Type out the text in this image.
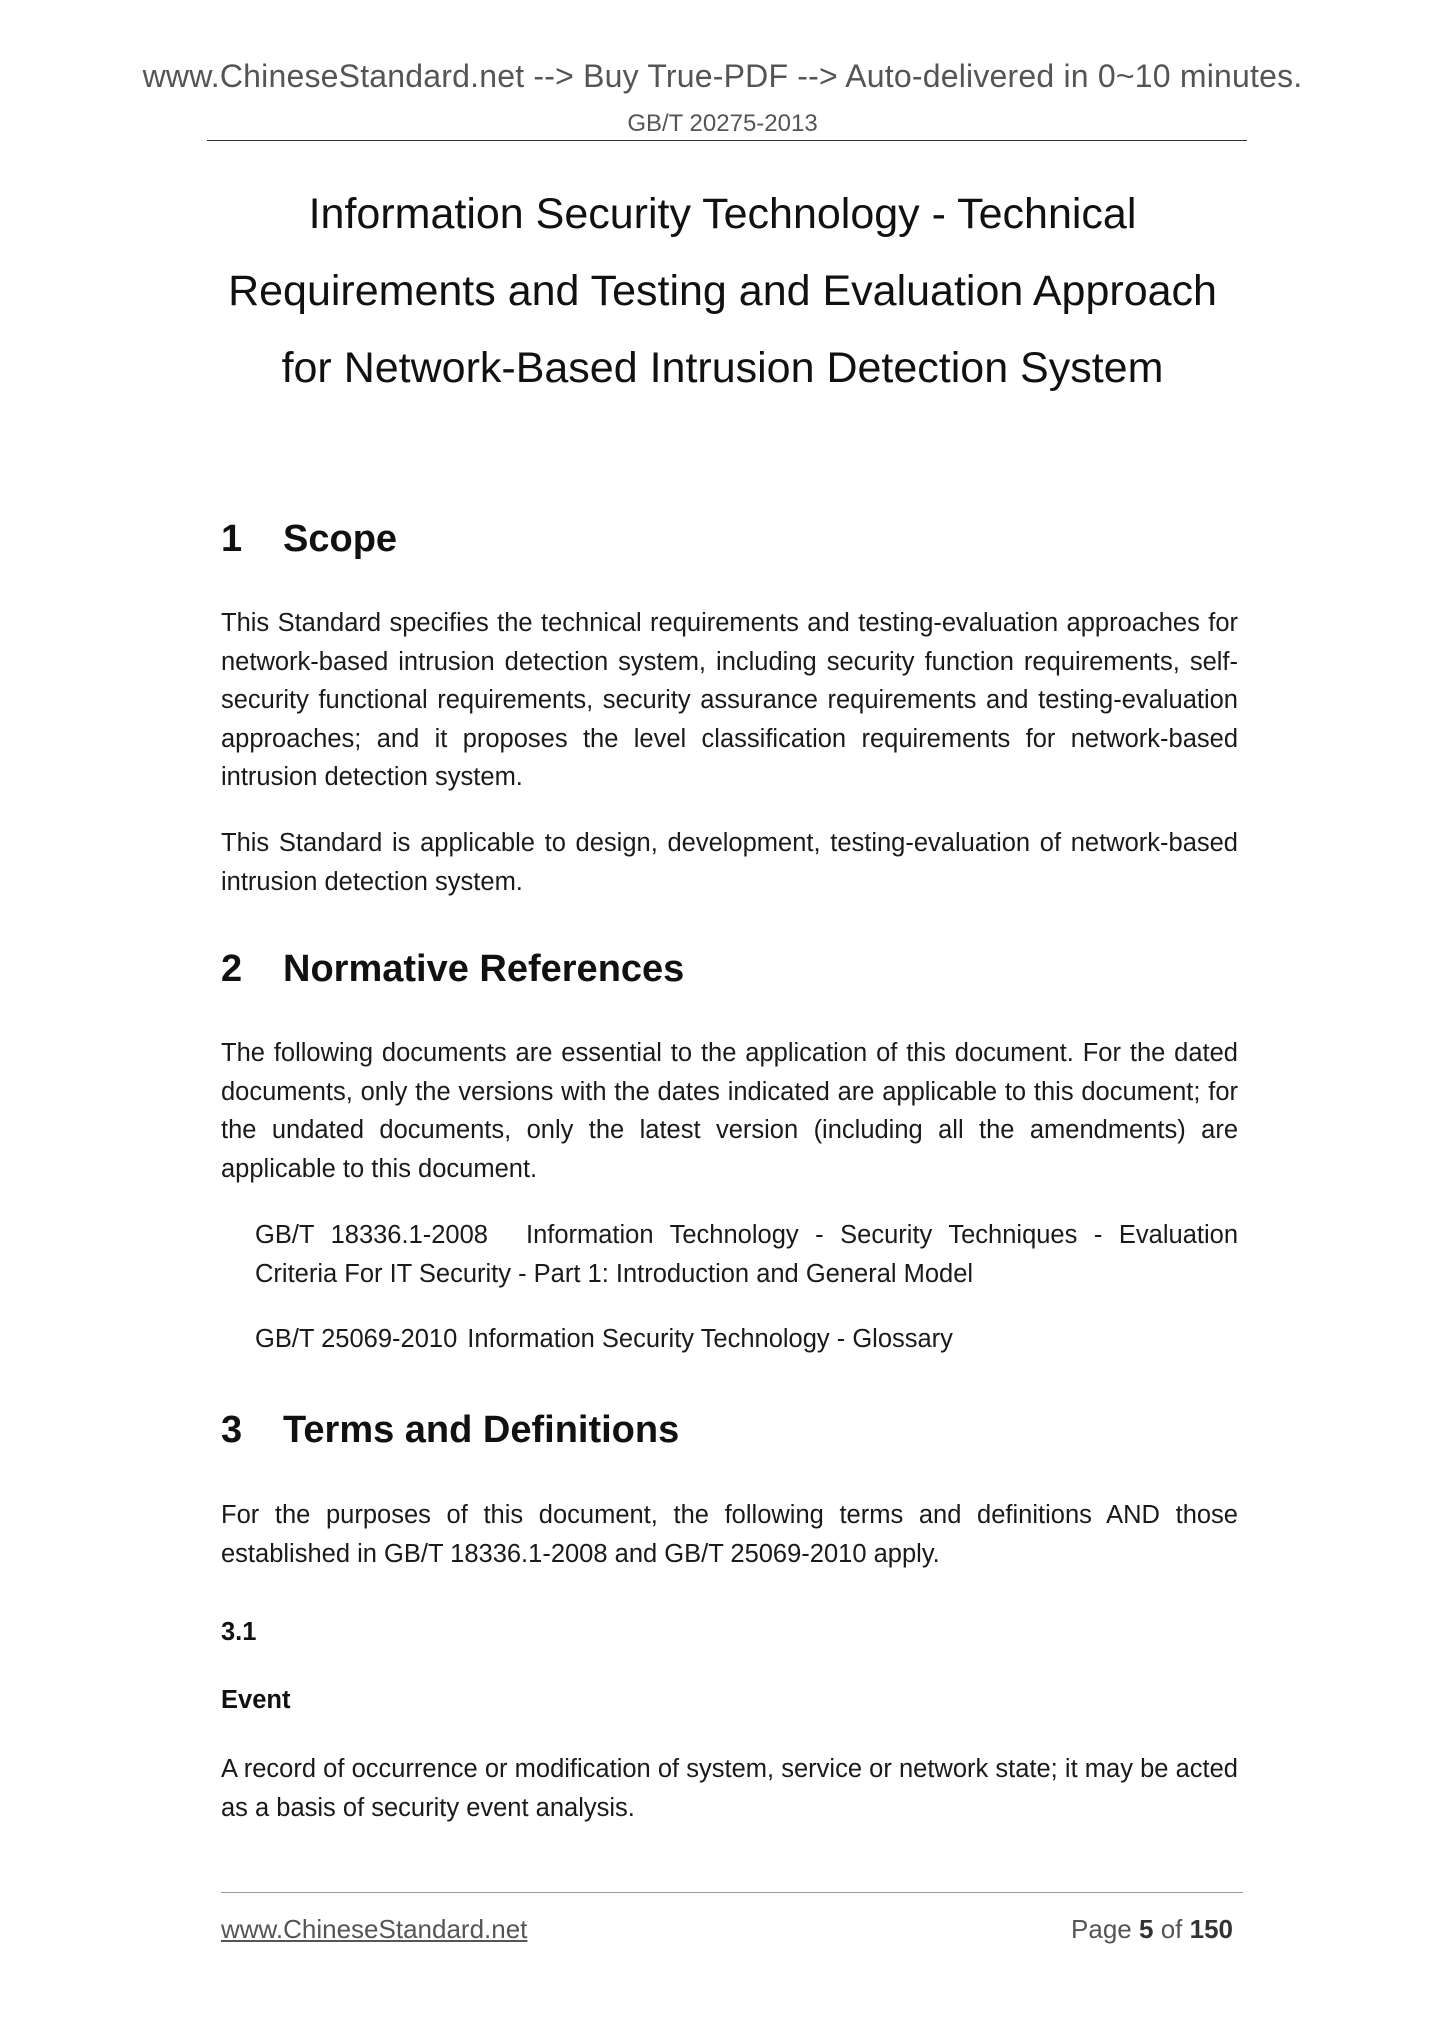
www.ChineseStandard.net --> Buy True-PDF --> Auto-delivered in 0~10 minutes.
GB/T 20275-2013
Information Security Technology - Technical
Requirements and Testing and Evaluation Approach
for Network-Based Intrusion Detection System
1 Scope
This Standard specifies the technical requirements and testing-evaluation approaches for network-based intrusion detection system, including security function requirements, self-security functional requirements, security assurance requirements and testing-evaluation approaches; and it proposes the level classification requirements for network-based intrusion detection system.
This Standard is applicable to design, development, testing-evaluation of network-based intrusion detection system.
2 Normative References
The following documents are essential to the application of this document. For the dated documents, only the versions with the dates indicated are applicable to this document; for the undated documents, only the latest version (including all the amendments) are applicable to this document.
GB/T 18336.1-2008 Information Technology - Security Techniques - Evaluation Criteria For IT Security - Part 1: Introduction and General Model
GB/T 25069-2010 Information Security Technology - Glossary
3 Terms and Definitions
For the purposes of this document, the following terms and definitions AND those established in GB/T 18336.1-2008 and GB/T 25069-2010 apply.
3.1
Event
A record of occurrence or modification of system, service or network state; it may be acted as a basis of security event analysis.
www.ChineseStandard.net	Page 5 of 150
